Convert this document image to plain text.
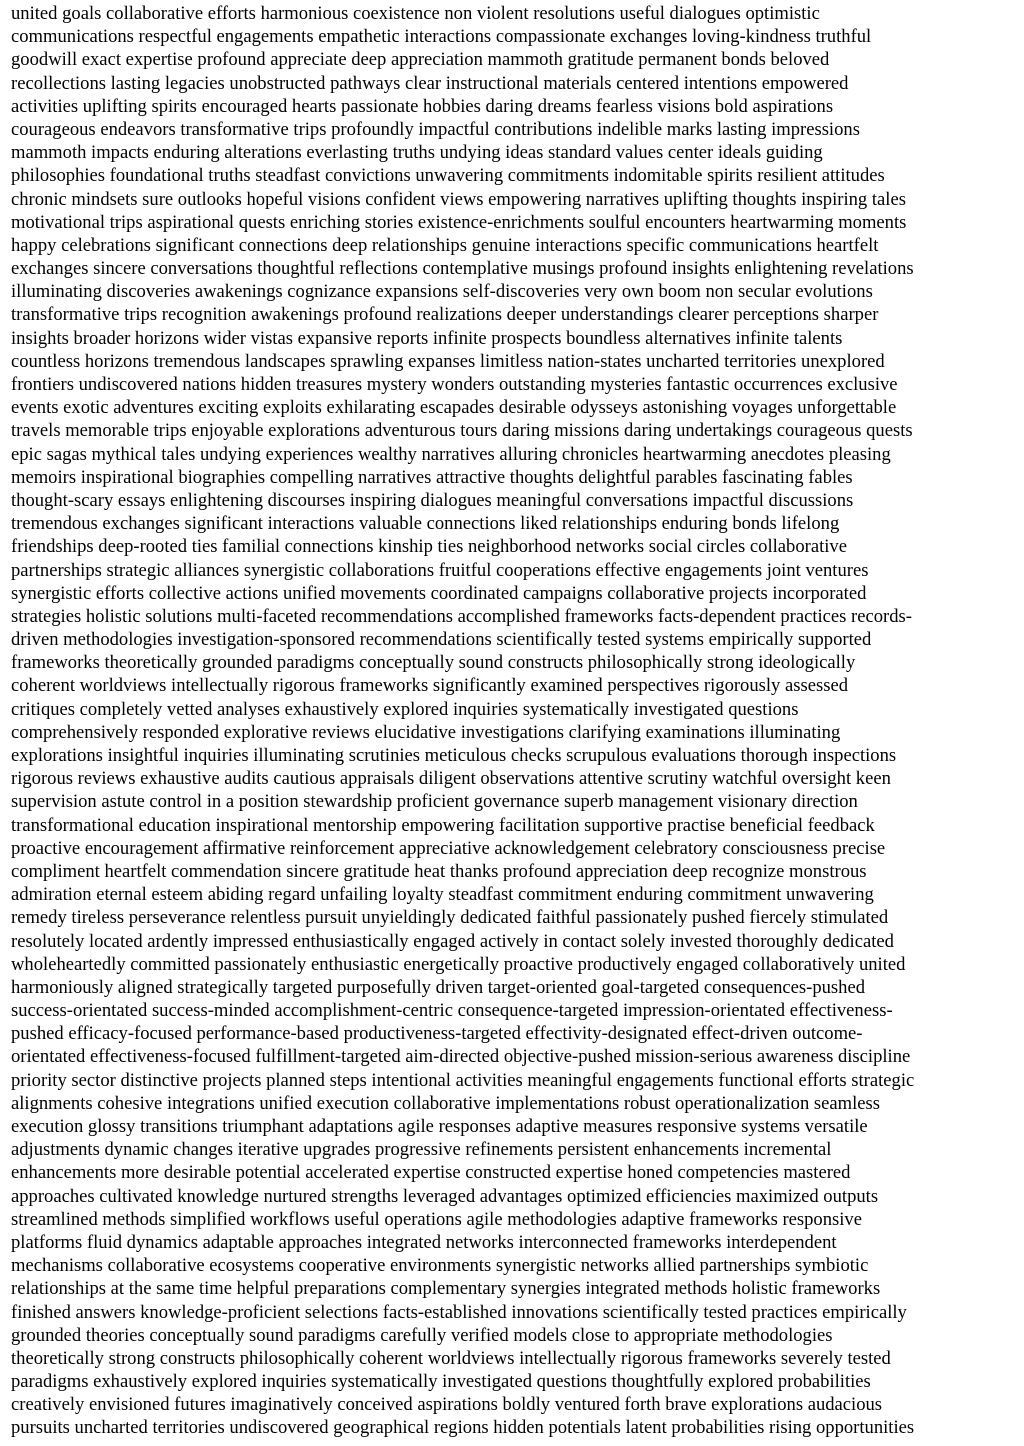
united goals collaborative efforts harmonious coexistence non violent resolutions useful dialogues optimistic
communications respectful engagements empathetic interactions compassionate exchanges loving-kindness truthful
goodwill exact expertise profound appreciate deep appreciation mammoth gratitude permanent bonds beloved
recollections lasting legacies unobstructed pathways clear instructional materials centered intentions empowered
activities uplifting spirits encouraged hearts passionate hobbies daring dreams fearless visions bold aspirations
courageous endeavors transformative trips profoundly impactful contributions indelible marks lasting impressions
mammoth impacts enduring alterations everlasting truths undying ideas standard values center ideals guiding
philosophies foundational truths steadfast convictions unwavering commitments indomitable spirits resilient attitudes
chronic mindsets sure outlooks hopeful visions confident views empowering narratives uplifting thoughts inspiring tales
motivational trips aspirational quests enriching stories existence-enrichments soulful encounters heartwarming moments
happy celebrations significant connections deep relationships genuine interactions specific communications heartfelt
exchanges sincere conversations thoughtful reflections contemplative musings profound insights enlightening revelations
illuminating discoveries awakenings cognizance expansions self-discoveries very own boom non secular evolutions
transformative trips recognition awakenings profound realizations deeper understandings clearer perceptions sharper
insights broader horizons wider vistas expansive reports infinite prospects boundless alternatives infinite talents
countless horizons tremendous landscapes sprawling expanses limitless nation-states uncharted territories unexplored
frontiers undiscovered nations hidden treasures mystery wonders outstanding mysteries fantastic occurrences exclusive
events exotic adventures exciting exploits exhilarating escapades desirable odysseys astonishing voyages unforgettable
travels memorable trips enjoyable explorations adventurous tours daring missions daring undertakings courageous quests
epic sagas mythical tales undying experiences wealthy narratives alluring chronicles heartwarming anecdotes pleasing
memoirs inspirational biographies compelling narratives attractive thoughts delightful parables fascinating fables
thought-scary essays enlightening discourses inspiring dialogues meaningful conversations impactful discussions
tremendous exchanges significant interactions valuable connections liked relationships enduring bonds lifelong
friendships deep-rooted ties familial connections kinship ties neighborhood networks social circles collaborative
partnerships strategic alliances synergistic collaborations fruitful cooperations effective engagements joint ventures
synergistic efforts collective actions unified movements coordinated campaigns collaborative projects incorporated
strategies holistic solutions multi-faceted recommendations accomplished frameworks facts-dependent practices records-
driven methodologies investigation-sponsored recommendations scientifically tested systems empirically supported
frameworks theoretically grounded paradigms conceptually sound constructs philosophically strong ideologically
coherent worldviews intellectually rigorous frameworks significantly examined perspectives rigorously assessed
critiques completely vetted analyses exhaustively explored inquiries systematically investigated questions
comprehensively responded explorative reviews elucidative investigations clarifying examinations illuminating
explorations insightful inquiries illuminating scrutinies meticulous checks scrupulous evaluations thorough inspections
rigorous reviews exhaustive audits cautious appraisals diligent observations attentive scrutiny watchful oversight keen
supervision astute control in a position stewardship proficient governance superb management visionary direction
transformational education inspirational mentorship empowering facilitation supportive practise beneficial feedback
proactive encouragement affirmative reinforcement appreciative acknowledgement celebratory consciousness precise
compliment heartfelt commendation sincere gratitude heat thanks profound appreciation deep recognize monstrous
admiration eternal esteem abiding regard unfailing loyalty steadfast commitment enduring commitment unwavering
remedy tireless perseverance relentless pursuit unyieldingly dedicated faithful passionately pushed fiercely stimulated
resolutely located ardently impressed enthusiastically engaged actively in contact solely invested thoroughly dedicated
wholeheartedly committed passionately enthusiastic energetically proactive productively engaged collaboratively united
harmoniously aligned strategically targeted purposefully driven target-oriented goal-targeted consequences-pushed
success-orientated success-minded accomplishment-centric consequence-targeted impression-orientated effectiveness-
pushed efficacy-focused performance-based productiveness-targeted effectivity-designated effect-driven outcome-
orientated effectiveness-focused fulfillment-targeted aim-directed objective-pushed mission-serious awareness discipline
priority sector distinctive projects planned steps intentional activities meaningful engagements functional efforts strategic
alignments cohesive integrations unified execution collaborative implementations robust operationalization seamless
execution glossy transitions triumphant adaptations agile responses adaptive measures responsive systems versatile
adjustments dynamic changes iterative upgrades progressive refinements persistent enhancements incremental
enhancements more desirable potential accelerated expertise constructed expertise honed competencies mastered
approaches cultivated knowledge nurtured strengths leveraged advantages optimized efficiencies maximized outputs
streamlined methods simplified workflows useful operations agile methodologies adaptive frameworks responsive
platforms fluid dynamics adaptable approaches integrated networks interconnected frameworks interdependent
mechanisms collaborative ecosystems cooperative environments synergistic networks allied partnerships symbiotic
relationships at the same time helpful preparations complementary synergies integrated methods holistic frameworks
finished answers knowledge-proficient selections facts-established innovations scientifically tested practices empirically
grounded theories conceptually sound paradigms carefully verified models close to appropriate methodologies
theoretically strong constructs philosophically coherent worldviews intellectually rigorous frameworks severely tested
paradigms exhaustively explored inquiries systematically investigated questions thoughtfully explored probabilities
creatively envisioned futures imaginatively conceived aspirations boldly ventured forth brave explorations audacious
pursuits uncharted territories undiscovered geographical regions hidden potentials latent probabilities rising opportunities
